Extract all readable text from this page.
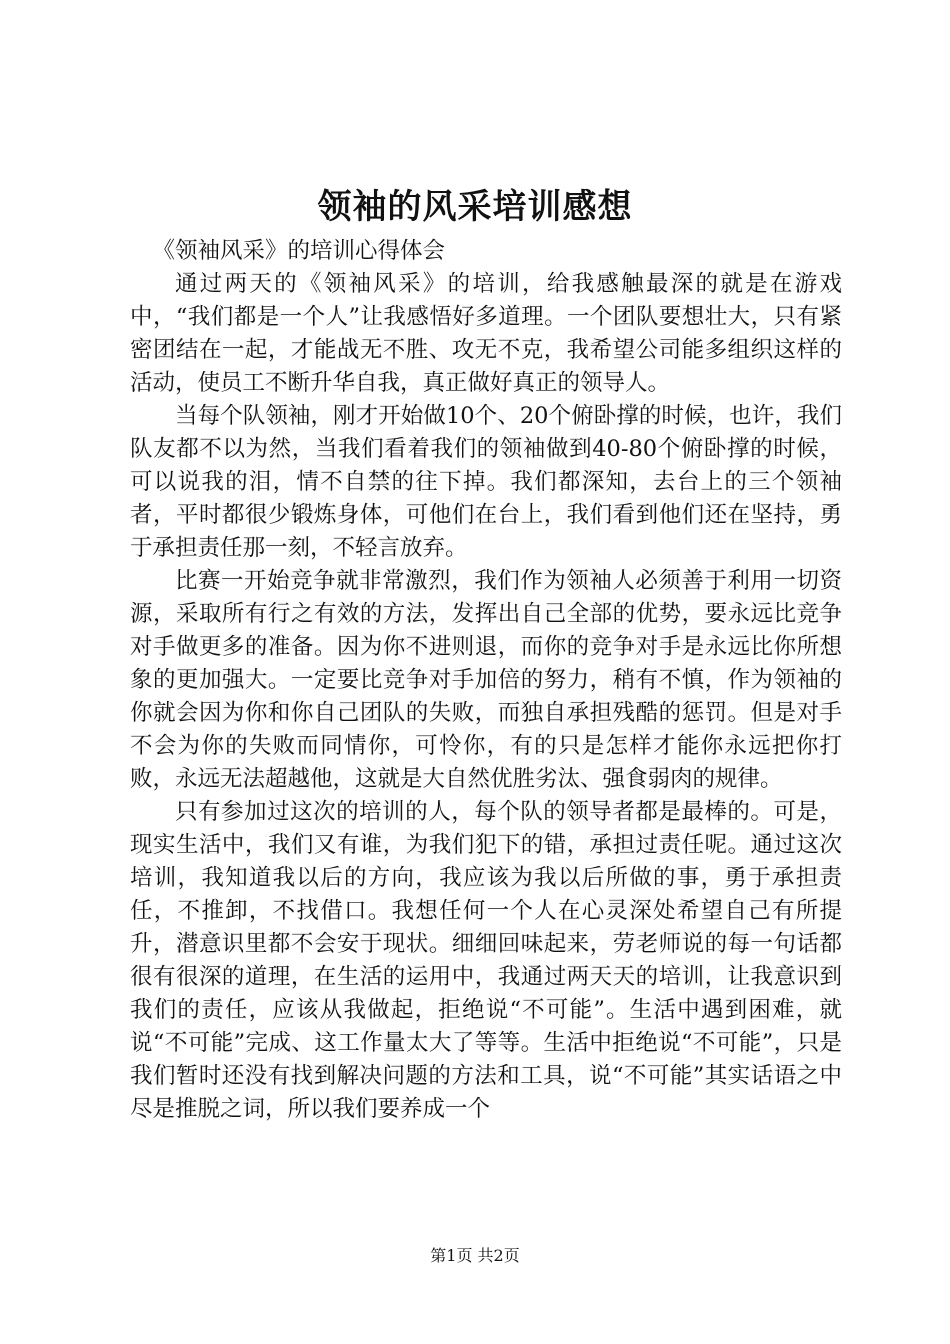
领袖的风采培训感想

《领袖风采》的培训心得体会

通过两天的《领袖风采》的培训，给我感触最深的就是在游戏中，“我们都是一个人”让我感悟好多道理。一个团队要想壮大，只有紧密团结在一起，才能战无不胜、攻无不克，我希望公司能多组织这样的活动，使员工不断升华自我，真正做好真正的领导人。

当每个队领袖，刚才开始做10个、20个俯卧撑的时候，也许，我们队友都不以为然，当我们看着我们的领袖做到40-80个俯卧撑的时候，可以说我的泪，情不自禁的往下掉。我们都深知，去台上的三个领袖者，平时都很少锻炼身体，可他们在台上，我们看到他们还在坚持，勇于承担责任那一刻，不轻言放弃。

比赛一开始竞争就非常激烈，我们作为领袖人必须善于利用一切资源，采取所有行之有效的方法，发挥出自己全部的优势，要永远比竞争对手做更多的准备。因为你不进则退，而你的竞争对手是永远比你所想象的更加强大。一定要比竞争对手加倍的努力，稍有不慎，作为领袖的你就会因为你和你自己团队的失败，而独自承担残酷的惩罚。但是对手不会为你的失败而同情你，可怜你，有的只是怎样才能你永远把你打败，永远无法超越他，这就是大自然优胜劣汰、强食弱肉的规律。

只有参加过这次的培训的人，每个队的领导者都是最棒的。可是，现实生活中，我们又有谁，为我们犯下的错，承担过责任呢。通过这次培训，我知道我以后的方向，我应该为我以后所做的事，勇于承担责任，不推卸，不找借口。我想任何一个人在心灵深处希望自己有所提升，潜意识里都不会安于现状。细细回味起来，劳老师说的每一句话都很有很深的道理，在生活的运用中，我通过两天天的培训，让我意识到我们的责任，应该从我做起，拒绝说“不可能”。生活中遇到困难，就说“不可能”完成、这工作量太大了等等。生活中拒绝说“不可能”，只是我们暂时还没有找到解决问题的方法和工具，说“不可能”其实话语之中尽是推脱之词，所以我们要养成一个

第1页 共2页
